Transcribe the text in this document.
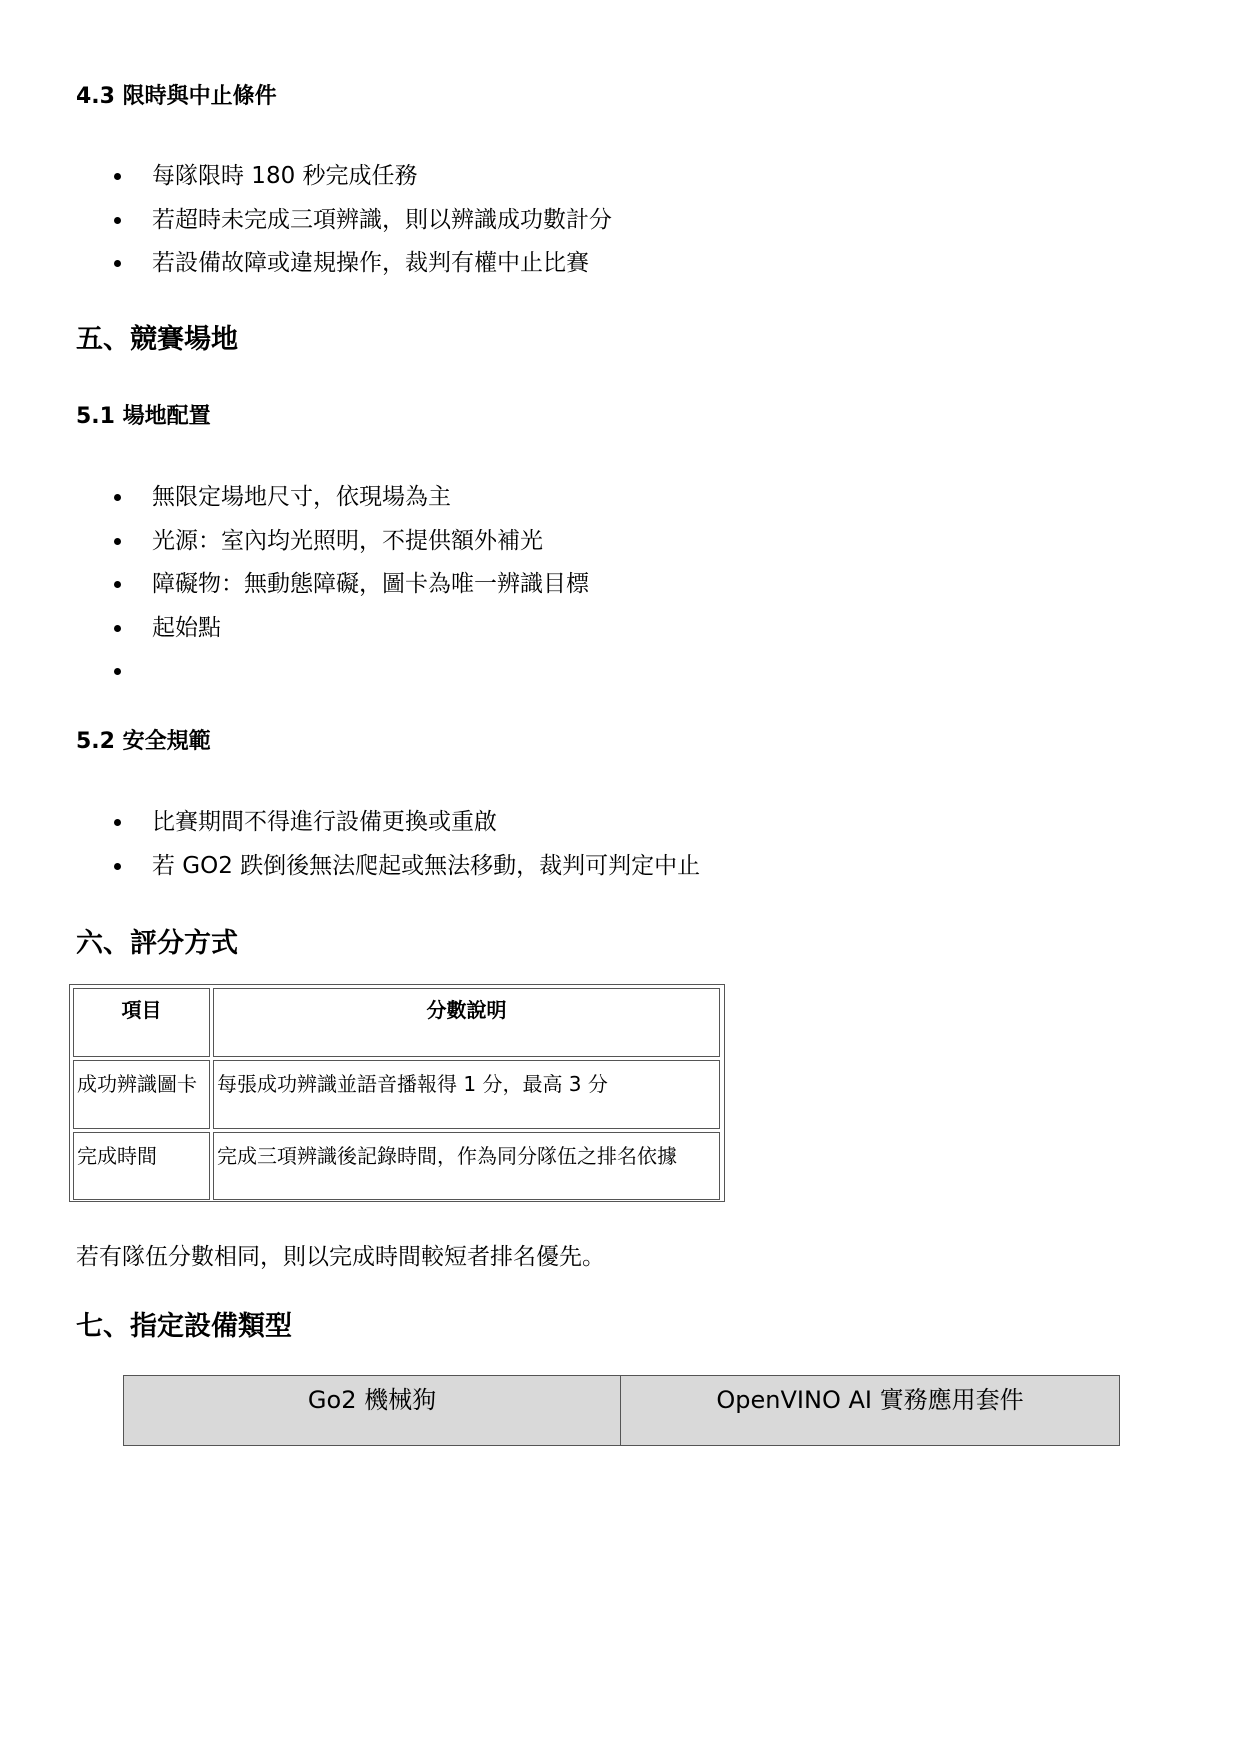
4.3 限時與中止條件
每隊限時 180 秒完成任務
若超時未完成三項辨識，則以辨識成功數計分
若設備故障或違規操作，裁判有權中止比賽
五、競賽場地
5.1 場地配置
無限定場地尺寸，依現場為主
光源：室內均光照明，不提供額外補光
障礙物：無動態障礙，圖卡為唯一辨識目標
起始點
5.2 安全規範
比賽期間不得進行設備更換或重啟
若 GO2 跌倒後無法爬起或無法移動，裁判可判定中止
六、評分方式
項目	分數說明
成功辨識圖卡	每張成功辨識並語音播報得 1 分，最高 3 分
完成時間	完成三項辨識後記錄時間，作為同分隊伍之排名依據
若有隊伍分數相同，則以完成時間較短者排名優先。
七、指定設備類型
Go2 機械狗	OpenVINO AI 實務應用套件
